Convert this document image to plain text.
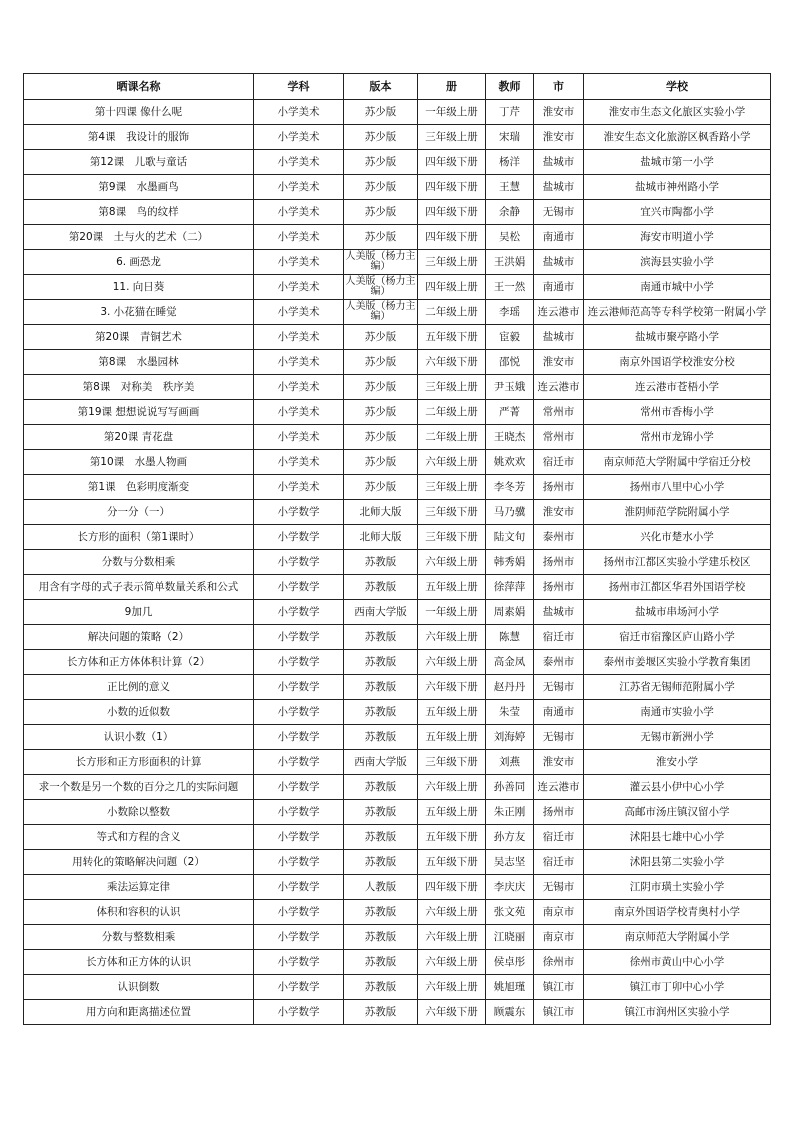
晒课名称	学科	版本	册	教师	市	学校
第十四课 像什么呢	小学美术	苏少版	一年级上册	丁芹	淮安市	淮安市生态文化旅区实验小学
第4课　我设计的服饰	小学美术	苏少版	三年级上册	宋瑞	淮安市	淮安生态文化旅游区枫香路小学
第12课　儿歌与童话	小学美术	苏少版	四年级下册	杨洋	盐城市	盐城市第一小学
第9课　水墨画鸟	小学美术	苏少版	四年级下册	王慧	盐城市	盐城市神州路小学
第8课　鸟的纹样	小学美术	苏少版	四年级下册	余静	无锡市	宜兴市陶都小学
第20课　土与火的艺术（二）	小学美术	苏少版	四年级下册	吴松	南通市	海安市明道小学
6. 画恐龙	小学美术	人美版（杨力主编）	三年级上册	王洪娟	盐城市	滨海县实验小学
11. 向日葵	小学美术	人美版（杨力主编）	四年级上册	王一然	南通市	南通市城中小学
3. 小花猫在睡觉	小学美术	人美版（杨力主编）	二年级上册	李瑶	连云港市	连云港师范高等专科学校第一附属小学
第20课　青铜艺术	小学美术	苏少版	五年级下册	宦毅	盐城市	盐城市聚亭路小学
第8课　水墨园林	小学美术	苏少版	六年级下册	邵悦	淮安市	南京外国语学校淮安分校
第8课　对称美　秩序美	小学美术	苏少版	三年级上册	尹玉娥	连云港市	连云港市苍梧小学
第19课 想想说说写写画画	小学美术	苏少版	二年级上册	严菁	常州市	常州市香梅小学
第20课 青花盘	小学美术	苏少版	二年级上册	王晓杰	常州市	常州市龙锦小学
第10课　水墨人物画	小学美术	苏少版	六年级上册	姚欢欢	宿迁市	南京师范大学附属中学宿迁分校
第1课　色彩明度渐变	小学美术	苏少版	三年级上册	李冬芳	扬州市	扬州市八里中心小学
分一分（一）	小学数学	北师大版	三年级下册	马乃骥	淮安市	淮阴师范学院附属小学
长方形的面积（第1课时）	小学数学	北师大版	三年级下册	陆文旬	泰州市	兴化市楚水小学
分数与分数相乘	小学数学	苏教版	六年级上册	韩秀娟	扬州市	扬州市江都区实验小学建乐校区
用含有字母的式子表示简单数量关系和公式	小学数学	苏教版	五年级上册	徐萍萍	扬州市	扬州市江都区华君外国语学校
9加几	小学数学	西南大学版	一年级上册	周素娟	盐城市	盐城市串场河小学
解决问题的策略（2）	小学数学	苏教版	六年级上册	陈慧	宿迁市	宿迁市宿豫区庐山路小学
长方体和正方体体积计算（2）	小学数学	苏教版	六年级上册	高金凤	泰州市	泰州市姜堰区实验小学教育集团
正比例的意义	小学数学	苏教版	六年级下册	赵丹丹	无锡市	江苏省无锡师范附属小学
小数的近似数	小学数学	苏教版	五年级上册	朱莹	南通市	南通市实验小学
认识小数（1）	小学数学	苏教版	五年级上册	刘海婷	无锡市	无锡市新洲小学
长方形和正方形面积的计算	小学数学	西南大学版	三年级下册	刘燕	淮安市	淮安小学
求一个数是另一个数的百分之几的实际问题	小学数学	苏教版	六年级上册	孙善同	连云港市	灌云县小伊中心小学
小数除以整数	小学数学	苏教版	五年级上册	朱正刚	扬州市	高邮市汤庄镇汉留小学
等式和方程的含义	小学数学	苏教版	五年级下册	孙方友	宿迁市	沭阳县七雄中心小学
用转化的策略解决问题（2）	小学数学	苏教版	五年级下册	吴志坚	宿迁市	沭阳县第二实验小学
乘法运算定律	小学数学	人教版	四年级下册	李庆庆	无锡市	江阴市璜土实验小学
体积和容积的认识	小学数学	苏教版	六年级上册	张文苑	南京市	南京外国语学校青奥村小学
分数与整数相乘	小学数学	苏教版	六年级上册	江晓丽	南京市	南京师范大学附属小学
长方体和正方体的认识	小学数学	苏教版	六年级上册	侯卓彤	徐州市	徐州市黄山中心小学
认识倒数	小学数学	苏教版	六年级上册	姚旭瑾	镇江市	镇江市丁卯中心小学
用方向和距离描述位置	小学数学	苏教版	六年级下册	顾震东	镇江市	镇江市润州区实验小学
